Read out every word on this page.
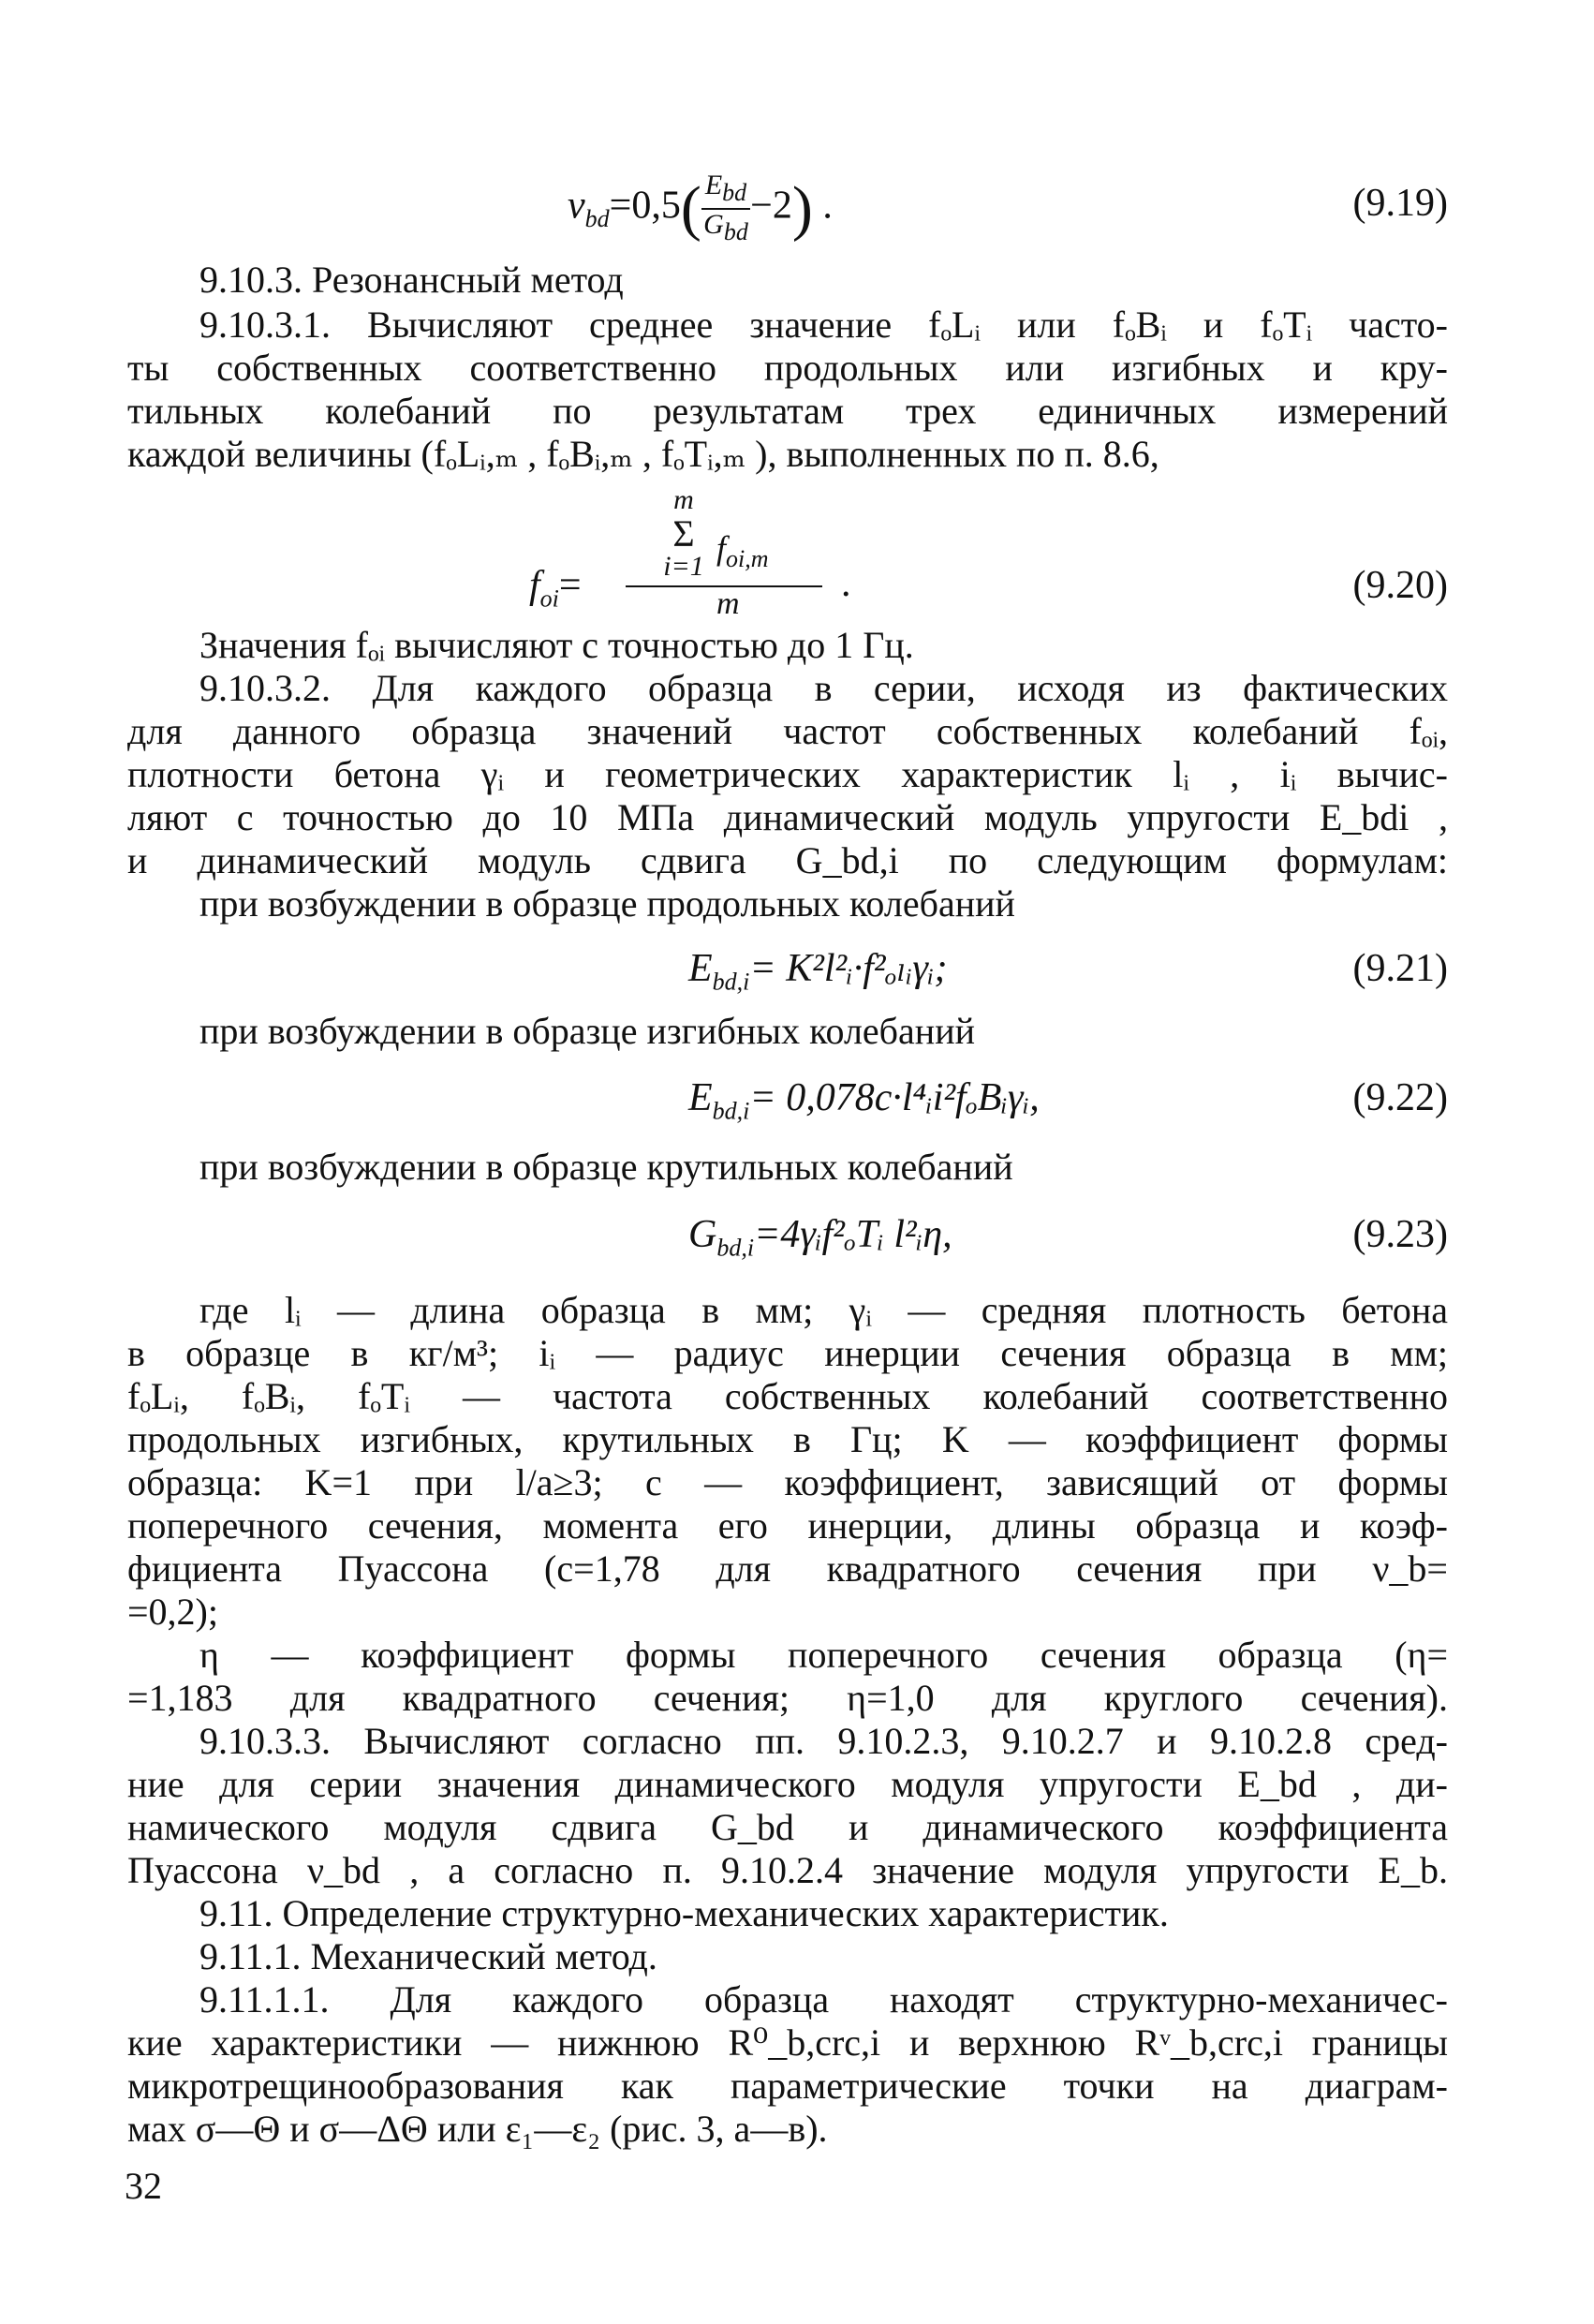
$\nu_{bd}=0,5( \frac{E_{bd}}{G_{bd}} -2)$ .	(9.19)
9.10.3. Резонансный метод
9.10.3.1. Вычисляют среднее значение fₒLᵢ или fₒBᵢ и fₒTᵢ часто-
ты собственных соответственно продольных или изгибных и кру-
тильных колебаний по результатам трех единичных измерений
каждой величины (fₒLᵢ,ₘ , fₒBᵢ,ₘ , fₒTᵢ,ₘ ), выполненных по п. 8.6,
$f_{oi}=$
m
Σ
i=1 $f_{oi,m}$
m	.	(9.20)
Значения fₒᵢ вычисляют с точностью до 1 Гц.
9.10.3.2. Для каждого образца в серии, исходя из фактических
для данного образца значений частот собственных колебаний fₒᵢ,
плотности бетона γᵢ и геометрических характеристик lᵢ , iᵢ вычис-
ляют с точностью до 10 МПа динамический модуль упругости E_bdi ,
и динамический модуль сдвига G_bd,i по следующим формулам:
при возбуждении в образце продольных колебаний
$E_{bd,i}=$ K²l²ᵢ·f²ₒₗᵢγᵢ;	(9.21)
при возбуждении в образце изгибных колебаний
$E_{bd,i}=$ 0,078c·l⁴ᵢi²fₒBᵢγᵢ,	(9.22)
при возбуждении в образце крутильных колебаний
$G_{bd,i}=4\gamma ᵢf^2_oTᵢ$ l²ᵢη,	(9.23)
где lᵢ — длина образца в мм; γᵢ — средняя плотность бетона
в образце в кг/м³; iᵢ — радиус инерции сечения образца в мм;
fₒLᵢ, fₒBᵢ, fₒTᵢ — частота собственных колебаний соответственно
продольных изгибных, крутильных в Гц; K — коэффициент формы
образца: K=1 при l/a≥3; c — коэффициент, зависящий от формы
поперечного сечения, момента его инерции, длины образца и коэф-
фициента Пуассона (c=1,78 для квадратного сечения при ν_b=
=0,2);
η — коэффициент формы поперечного сечения образца (η=
=1,183 для квадратного сечения; η=1,0 для круглого сечения).
9.10.3.3. Вычисляют согласно пп. 9.10.2.3, 9.10.2.7 и 9.10.2.8 сред-
ние для серии значения динамического модуля упругости E_bd , ди-
намического модуля сдвига G_bd и динамического коэффициента
Пуассона ν_bd , а согласно п. 9.10.2.4 значение модуля упругости E_b.
9.11. Определение структурно-механических характеристик.
9.11.1. Механический метод.
9.11.1.1. Для каждого образца находят структурно-механичес-
кие характеристики — нижнюю R⁰_b,crc,i и верхнюю Rᵛ_b,crc,i границы
микротрещинообразования как параметрические точки на диаграм-
мах σ—Θ и σ—ΔΘ или ε₁—ε₂ (рис. 3, а—в).
32
